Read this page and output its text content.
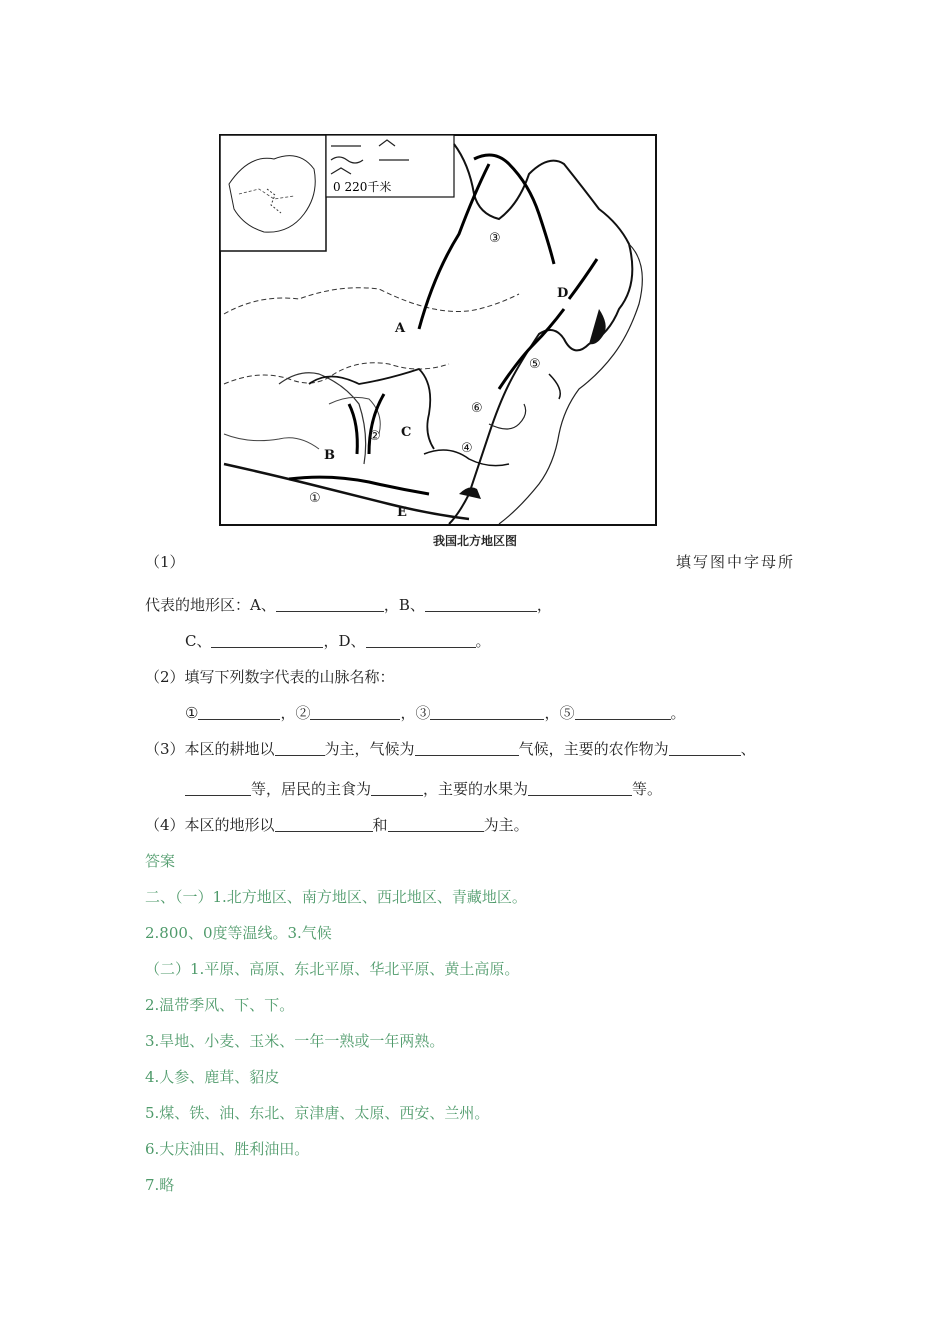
0 220千米
A
B
C
D
E
①
②
③
④
⑤
⑥
我国北方地区图
（1）	填写图中字母所
代表的地形区：A、	，B、	，
C、	，D、	。
（2）填写下列数字代表的山脉名称：
①	，②	，③	，⑤	。
（3）本区的耕地以	为主，气候为	气候，主要的农作物为	、
等，居民的主食为	，主要的水果为	等。
（4）本区的地形以	和	为主。
答案
二、（一）1.北方地区、南方地区、西北地区、青藏地区。
2.800、0度等温线。3.气候
（二）1.平原、高原、东北平原、华北平原、黄土高原。
2.温带季风、下、下。
3.旱地、小麦、玉米、一年一熟或一年两熟。
4.人参、鹿茸、貂皮
5.煤、铁、油、东北、京津唐、太原、西安、兰州。
6.大庆油田、胜利油田。
7.略
